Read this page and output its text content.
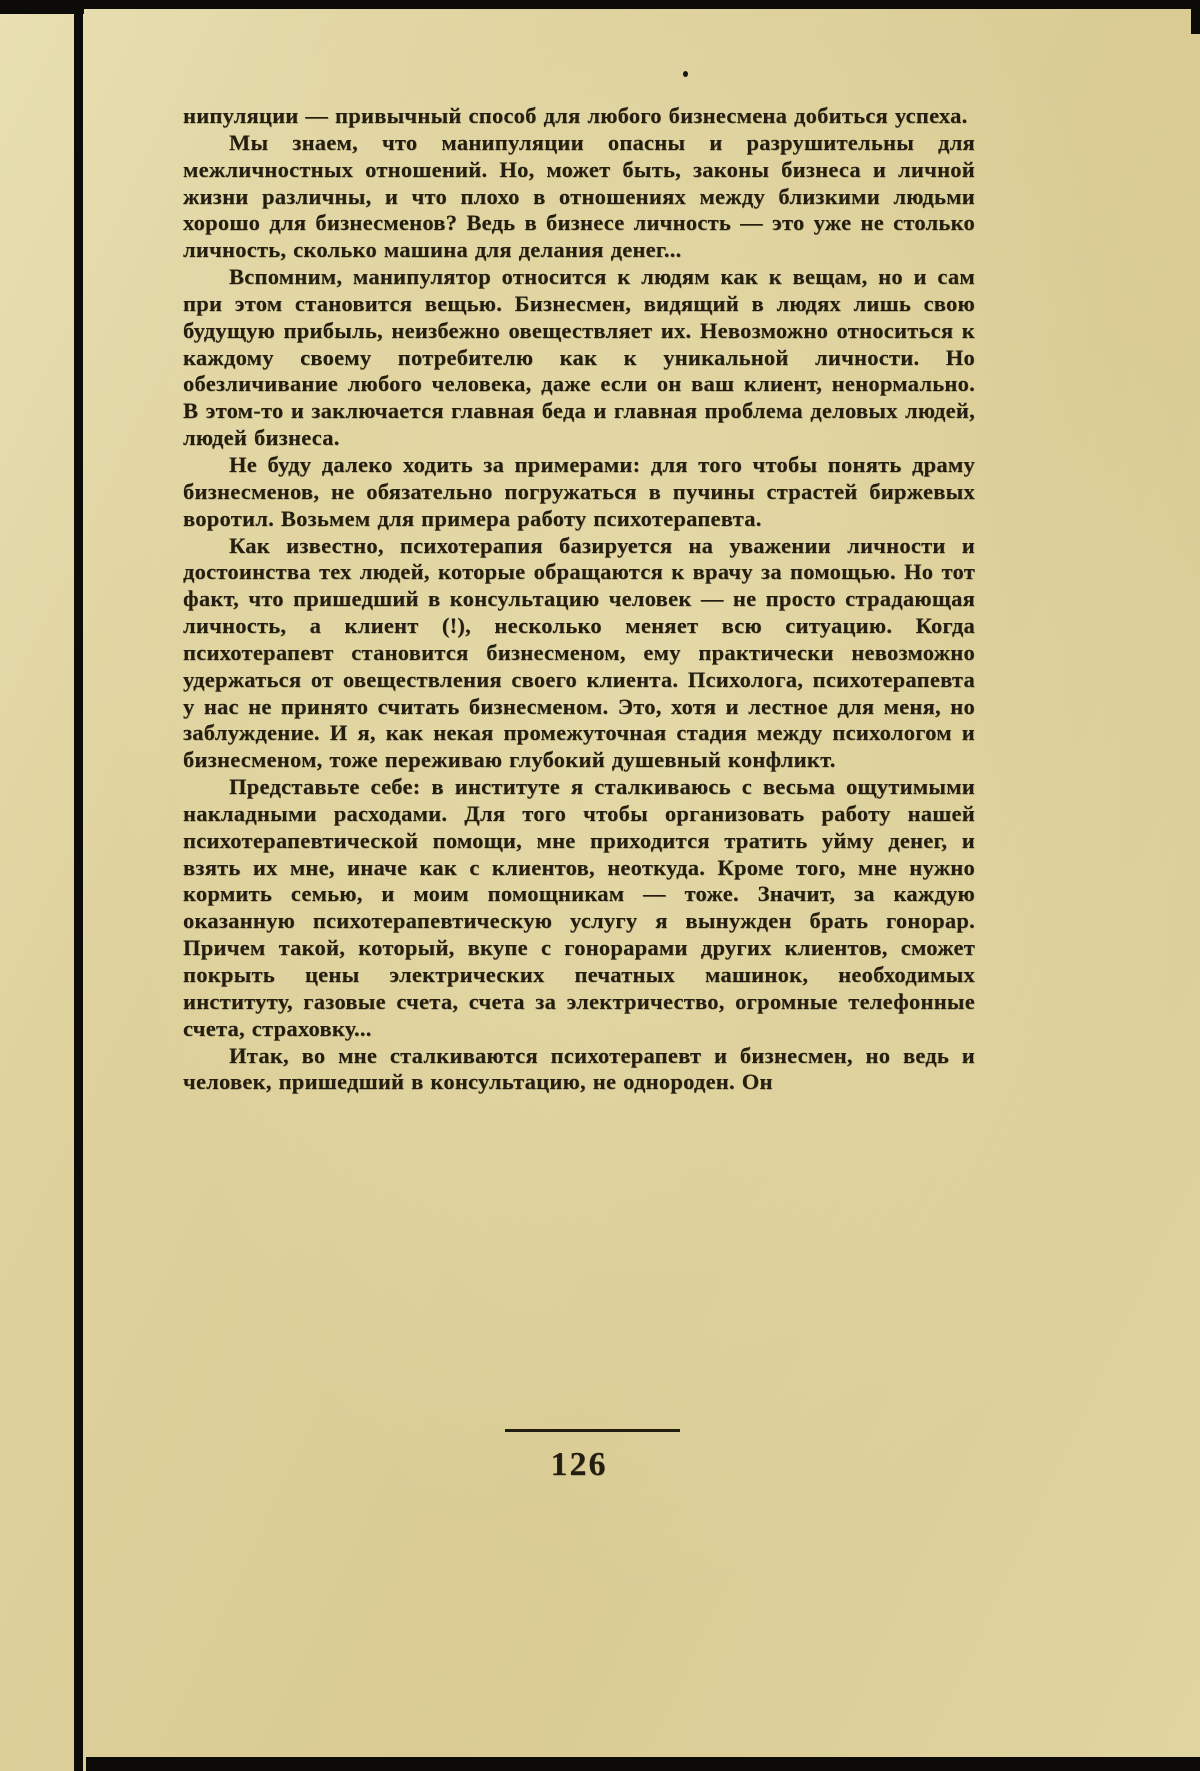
нипуляции — привычный способ для любого бизнесмена добиться успеха.

Мы знаем, что манипуляции опасны и разрушительны для межличностных отношений. Но, может быть, законы бизнеса и личной жизни различны, и что плохо в отношениях между близкими людьми хорошо для бизнесменов? Ведь в бизнесе личность — это уже не столько личность, сколько машина для делания денег...

Вспомним, манипулятор относится к людям как к вещам, но и сам при этом становится вещью. Бизнесмен, видящий в людях лишь свою будущую прибыль, неизбежно овеществляет их. Невозможно относиться к каждому своему потребителю как к уникальной личности. Но обезличивание любого человека, даже если он ваш клиент, ненормально. В этом-то и заключается главная беда и главная проблема деловых людей, людей бизнеса.

Не буду далеко ходить за примерами: для того чтобы понять драму бизнесменов, не обязательно погружаться в пучины страстей биржевых воротил. Возьмем для примера работу психотерапевта.

Как известно, психотерапия базируется на уважении личности и достоинства тех людей, которые обращаются к врачу за помощью. Но тот факт, что пришедший в консультацию человек — не просто страдающая личность, а клиент (!), несколько меняет всю ситуацию. Когда психотерапевт становится бизнесменом, ему практически невозможно удержаться от овеществления своего клиента. Психолога, психотерапевта у нас не принято считать бизнесменом. Это, хотя и лестное для меня, но заблуждение. И я, как некая промежуточная стадия между психологом и бизнесменом, тоже переживаю глубокий душевный конфликт.

Представьте себе: в институте я сталкиваюсь с весьма ощутимыми накладными расходами. Для того чтобы организовать работу нашей психотерапевтической помощи, мне приходится тратить уйму денег, и взять их мне, иначе как с клиентов, неоткуда. Кроме того, мне нужно кормить семью, и моим помощникам — тоже. Значит, за каждую оказанную психотерапевтическую услугу я вынужден брать гонорар. Причем такой, который, вкупе с гонорарами других клиентов, сможет покрыть цены электрических печатных машинок, необходимых институту, газовые счета, счета за электричество, огромные телефонные счета, страховку...

Итак, во мне сталкиваются психотерапевт и бизнесмен, но ведь и человек, пришедший в консультацию, не однороден. Он

126
